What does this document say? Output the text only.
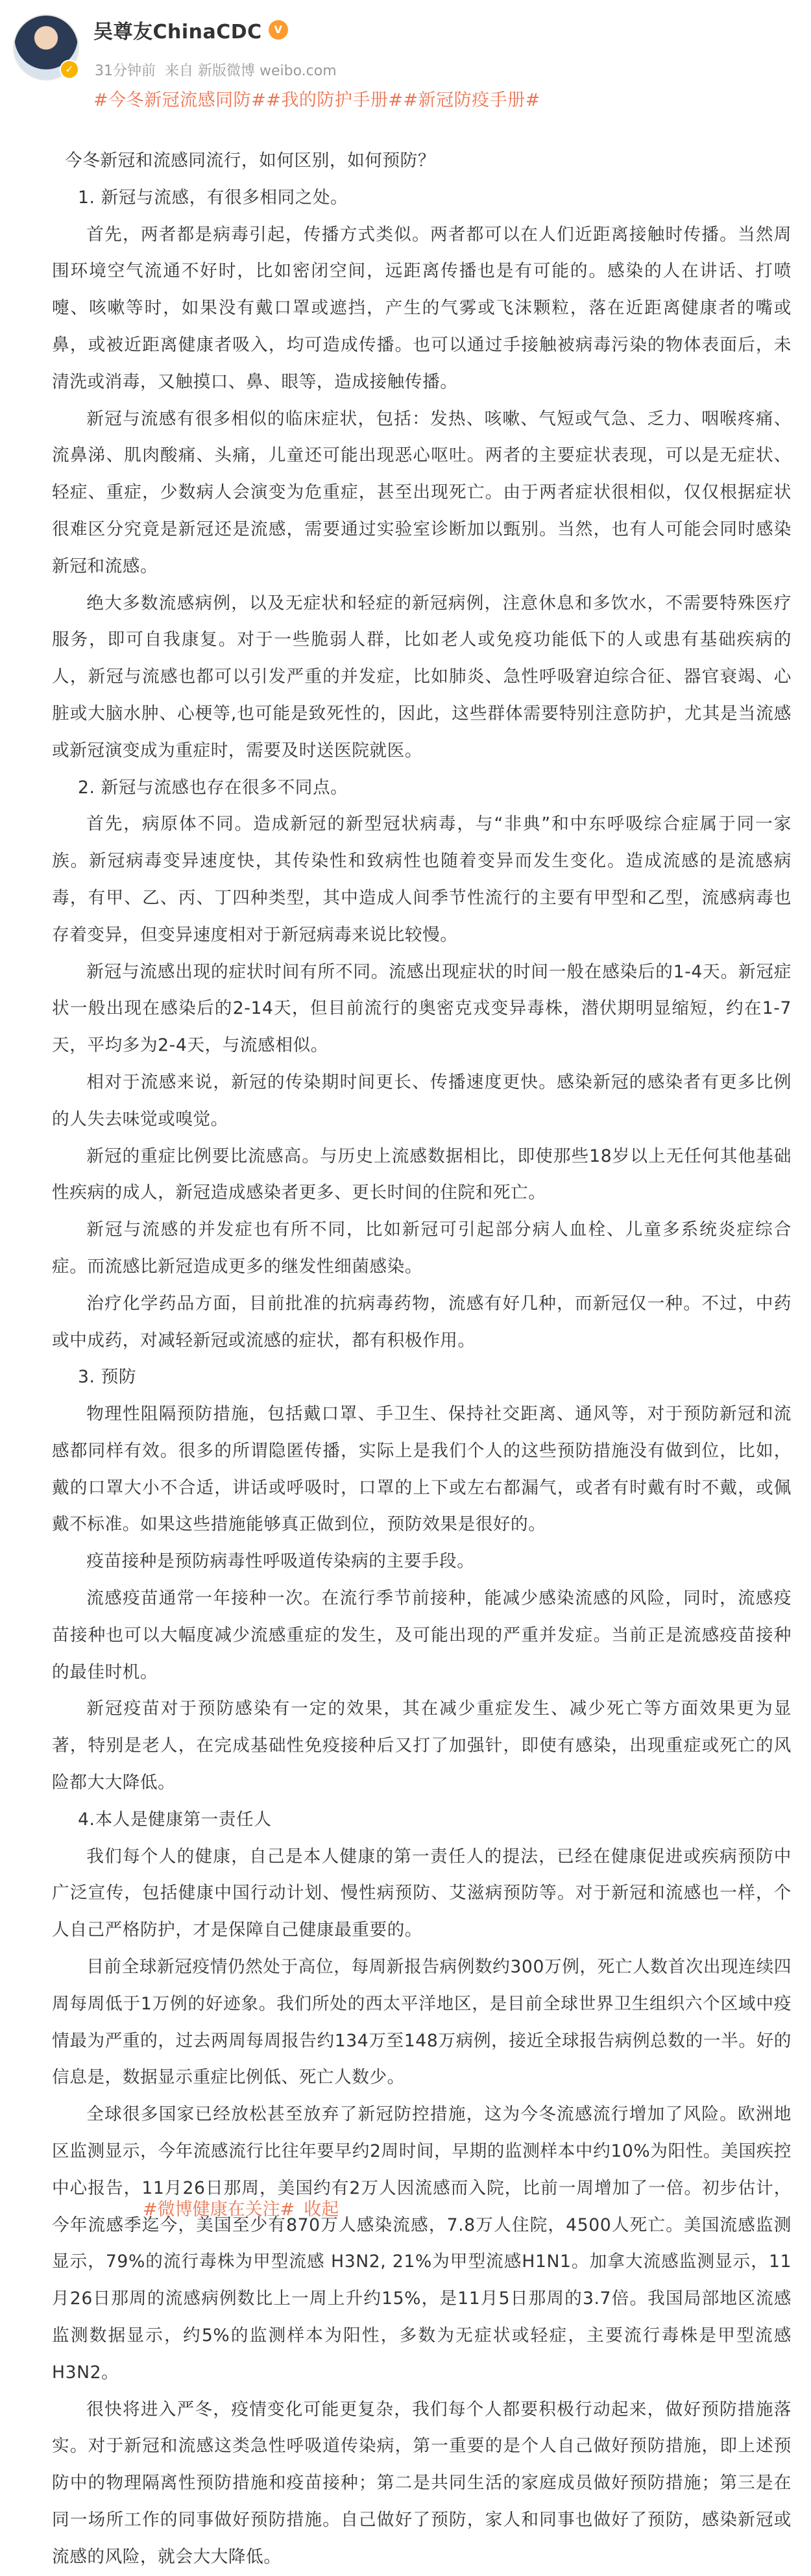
✓
吴尊友ChinaCDC	V
31分钟前 来自 新版微博 weibo.com
#今冬新冠流感同防##我的防护手册##新冠防疫手册#

今冬新冠和流感同流行，如何区别，如何预防？

1. 新冠与流感，有很多相同之处。

首先，两者都是病毒引起，传播方式类似。两者都可以在人们近距离接触时传播。当然周围环境空气流通不好时，比如密闭空间，远距离传播也是有可能的。感染的人在讲话、打喷嚏、咳嗽等时，如果没有戴口罩或遮挡，产生的气雾或飞沫颗粒，落在近距离健康者的嘴或鼻，或被近距离健康者吸入，均可造成传播。也可以通过手接触被病毒污染的物体表面后，未清洗或消毒，又触摸口、鼻、眼等，造成接触传播。

新冠与流感有很多相似的临床症状，包括：发热、咳嗽、气短或气急、乏力、咽喉疼痛、流鼻涕、肌肉酸痛、头痛，儿童还可能出现恶心呕吐。两者的主要症状表现，可以是无症状、轻症、重症，少数病人会演变为危重症，甚至出现死亡。由于两者症状很相似，仅仅根据症状很难区分究竟是新冠还是流感，需要通过实验室诊断加以甄别。当然，也有人可能会同时感染新冠和流感。

绝大多数流感病例，以及无症状和轻症的新冠病例，注意休息和多饮水，不需要特殊医疗服务，即可自我康复。对于一些脆弱人群，比如老人或免疫功能低下的人或患有基础疾病的人，新冠与流感也都可以引发严重的并发症，比如肺炎、急性呼吸窘迫综合征、器官衰竭、心脏或大脑水肿、心梗等,也可能是致死性的，因此，这些群体需要特别注意防护，尤其是当流感或新冠演变成为重症时，需要及时送医院就医。

2. 新冠与流感也存在很多不同点。

首先，病原体不同。造成新冠的新型冠状病毒，与“非典”和中东呼吸综合症属于同一家族。新冠病毒变异速度快，其传染性和致病性也随着变异而发生变化。造成流感的是流感病毒，有甲、乙、丙、丁四种类型，其中造成人间季节性流行的主要有甲型和乙型，流感病毒也存着变异，但变异速度相对于新冠病毒来说比较慢。

新冠与流感出现的症状时间有所不同。流感出现症状的时间一般在感染后的1-4天。新冠症状一般出现在感染后的2-14天，但目前流行的奥密克戎变异毒株，潜伏期明显缩短，约在1-7天，平均多为2-4天，与流感相似。

相对于流感来说，新冠的传染期时间更长、传播速度更快。感染新冠的感染者有更多比例的人失去味觉或嗅觉。

新冠的重症比例要比流感高。与历史上流感数据相比，即使那些18岁以上无任何其他基础性疾病的成人，新冠造成感染者更多、更长时间的住院和死亡。

新冠与流感的并发症也有所不同，比如新冠可引起部分病人血栓、儿童多系统炎症综合症。而流感比新冠造成更多的继发性细菌感染。

治疗化学药品方面，目前批准的抗病毒药物，流感有好几种，而新冠仅一种。不过，中药或中成药，对减轻新冠或流感的症状，都有积极作用。

3. 预防

物理性阻隔预防措施，包括戴口罩、手卫生、保持社交距离、通风等，对于预防新冠和流感都同样有效。很多的所谓隐匿传播，实际上是我们个人的这些预防措施没有做到位，比如，戴的口罩大小不合适，讲话或呼吸时，口罩的上下或左右都漏气，或者有时戴有时不戴，或佩戴不标准。如果这些措施能够真正做到位，预防效果是很好的。

疫苗接种是预防病毒性呼吸道传染病的主要手段。

流感疫苗通常一年接种一次。在流行季节前接种，能减少感染流感的风险，同时，流感疫苗接种也可以大幅度减少流感重症的发生，及可能出现的严重并发症。当前正是流感疫苗接种的最佳时机。

新冠疫苗对于预防感染有一定的效果，其在减少重症发生、减少死亡等方面效果更为显著，特别是老人，在完成基础性免疫接种后又打了加强针，即使有感染，出现重症或死亡的风险都大大降低。

4.本人是健康第一责任人

我们每个人的健康，自己是本人健康的第一责任人的提法，已经在健康促进或疾病预防中广泛宣传，包括健康中国行动计划、慢性病预防、艾滋病预防等。对于新冠和流感也一样，个人自己严格防护，才是保障自己健康最重要的。

目前全球新冠疫情仍然处于高位，每周新报告病例数约300万例，死亡人数首次出现连续四周每周低于1万例的好迹象。我们所处的西太平洋地区，是目前全球世界卫生组织六个区域中疫情最为严重的，过去两周每周报告约134万至148万病例，接近全球报告病例总数的一半。好的信息是，数据显示重症比例低、死亡人数少。

全球很多国家已经放松甚至放弃了新冠防控措施，这为今冬流感流行增加了风险。欧洲地区监测显示，今年流感流行比往年要早约2周时间，早期的监测样本中约10%为阳性。美国疾控中心报告，11月26日那周，美国约有2万人因流感而入院，比前一周增加了一倍。初步估计，今年流感季迄今，美国至少有870万人感染流感，7.8万人住院，4500人死亡。美国流感监测显示，79%的流行毒株为甲型流感 H3N2, 21%为甲型流感H1N1。加拿大流感监测显示，11月26日那周的流感病例数比上一周上升约15%，是11月5日那周的3.7倍。我国局部地区流感监测数据显示，约5%的监测样本为阳性，多数为无症状或轻症，主要流行毒株是甲型流感H3N2。

很快将进入严冬，疫情变化可能更复杂，我们每个人都要积极行动起来，做好预防措施落实。对于新冠和流感这类急性呼吸道传染病，第一重要的是个人自己做好预防措施，即上述预防中的物理隔离性预防措施和疫苗接种；第二是共同生活的家庭成员做好预防措施；第三是在同一场所工作的同事做好预防措施。自己做好了预防，家人和同事也做好了预防，感染新冠或流感的风险，就会大大降低。

#微博健康在关注# 收起
